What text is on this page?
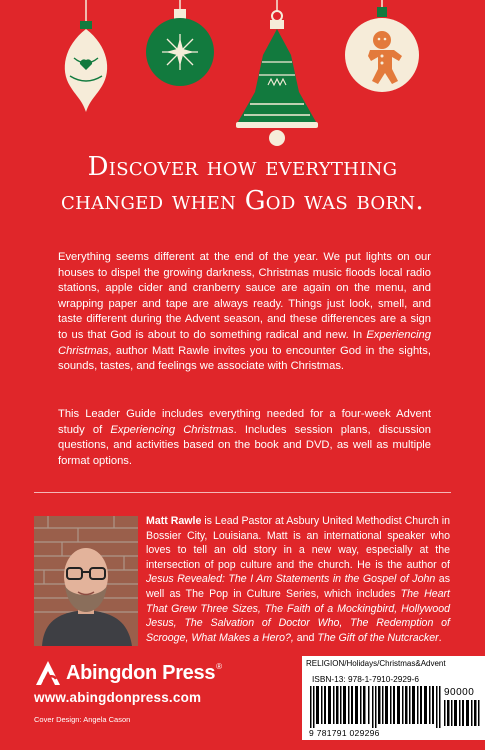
Discover how everything
changed when God was born.
Everything seems different at the end of the year. We put lights on our houses to dispel the growing darkness, Christmas music floods local radio stations, apple cider and cranberry sauce are again on the menu, and wrapping paper and tape are always ready. Things just look, smell, and taste different during the Advent season, and these differences are a sign to us that God is about to do something radical and new. In Experiencing Christmas, author Matt Rawle invites you to encounter God in the sights, sounds, tastes, and feelings we associate with Christmas.
This Leader Guide includes everything needed for a four-week Advent study of Experiencing Christmas. Includes session plans, discussion questions, and activities based on the book and DVD, as well as multiple format options.
Matt Rawle is Lead Pastor at Asbury United Methodist Church in Bossier City, Louisiana. Matt is an international speaker who loves to tell an old story in a new way, especially at the intersection of pop culture and the church. He is the author of Jesus Revealed: The I Am Statements in the Gospel of John as well as The Pop in Culture Series, which includes The Heart That Grew Three Sizes, The Faith of a Mockingbird, Hollywood Jesus, The Salvation of Doctor Who, The Redemption of Scrooge, What Makes a Hero?, and The Gift of the Nutcracker.
Abingdon Press ®
www.abingdonpress.com
Cover Design: Angela Cason
RELIGION/Holidays/Christmas&Advent
ISBN-13: 978-1-7910-2929-6
90000
9 781791 029296
